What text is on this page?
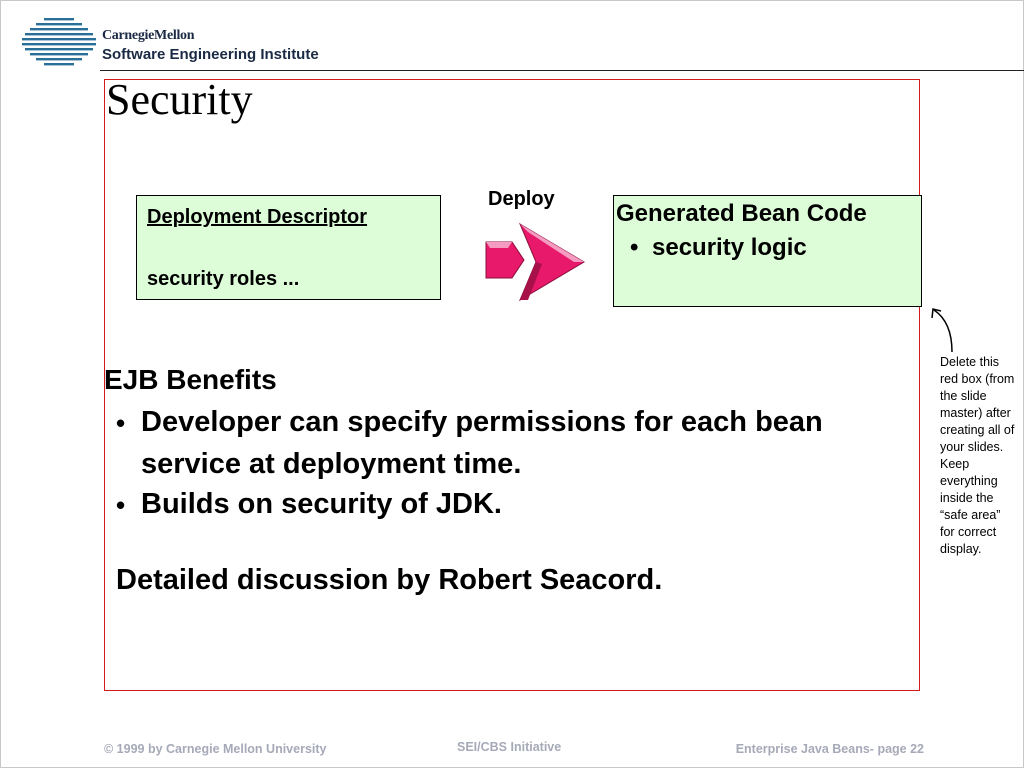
CarnegieMellon
Software Engineering Institute
Security
Deployment Descriptor
security roles ...
Deploy
Generated Bean Code
• security logic
EJB Benefits
• Developer can specify permissions for each bean service at deployment time.
• Builds on security of JDK.
Detailed discussion by Robert Seacord.
Delete this red box (from the slide master) after creating all of your slides. Keep everything inside the “safe area” for correct display.
© 1999 by Carnegie Mellon University	SEI/CBS Initiative	Enterprise Java Beans- page 22
